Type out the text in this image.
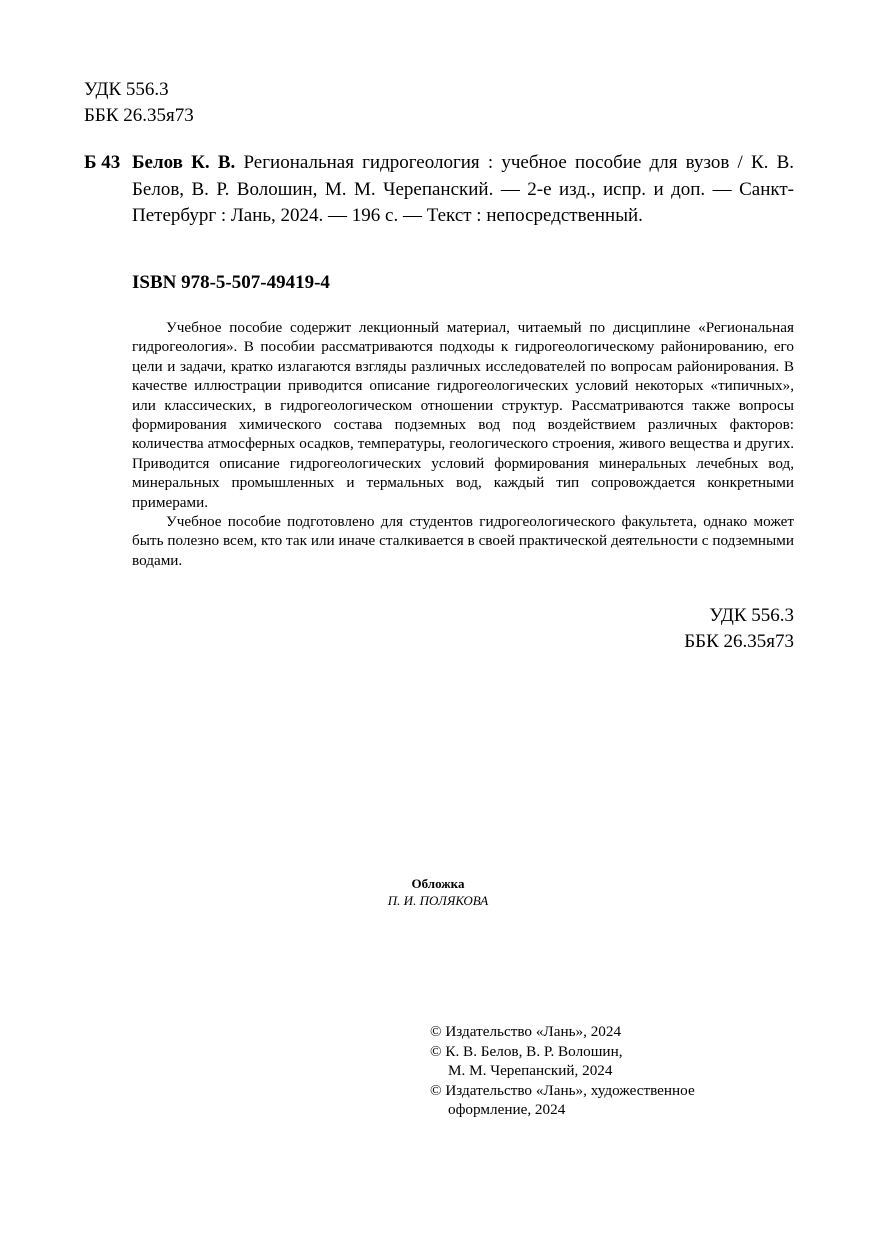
УДК 556.3
ББК 26.35я73
Б 43 Белов К. В. Региональная гидрогеология : учебное пособие для вузов / К. В. Белов, В. Р. Волошин, М. М. Черепанский. — 2-е изд., испр. и доп. — Санкт-Петербург : Лань, 2024. — 196 с. — Текст : непосредственный.
ISBN 978-5-507-49419-4

Учебное пособие содержит лекционный материал, читаемый по дисциплине «Региональная гидрогеология». В пособии рассматриваются подходы к гидрогеологическому районированию, его цели и задачи, кратко излагаются взгляды различных исследователей по вопросам районирования. В качестве иллюстрации приводится описание гидрогеологических условий некоторых «типичных», или классических, в гидрогеологическом отношении структур. Рассматриваются также вопросы формирования химического состава подземных вод под воздействием различных факторов: количества атмосферных осадков, температуры, геологического строения, живого вещества и других. Приводится описание гидрогеологических условий формирования минеральных лечебных вод, минеральных промышленных и термальных вод, каждый тип сопровождается конкретными примерами.

Учебное пособие подготовлено для студентов гидрогеологического факультета, однако может быть полезно всем, кто так или иначе сталкивается в своей практической деятельности с подземными водами.

УДК 556.3
ББК 26.35я73
Обложка
П. И. ПОЛЯКОВА
© Издательство «Лань», 2024
© К. В. Белов, В. Р. Волошин,
М. М. Черепанский, 2024
© Издательство «Лань», художественное
оформление, 2024
